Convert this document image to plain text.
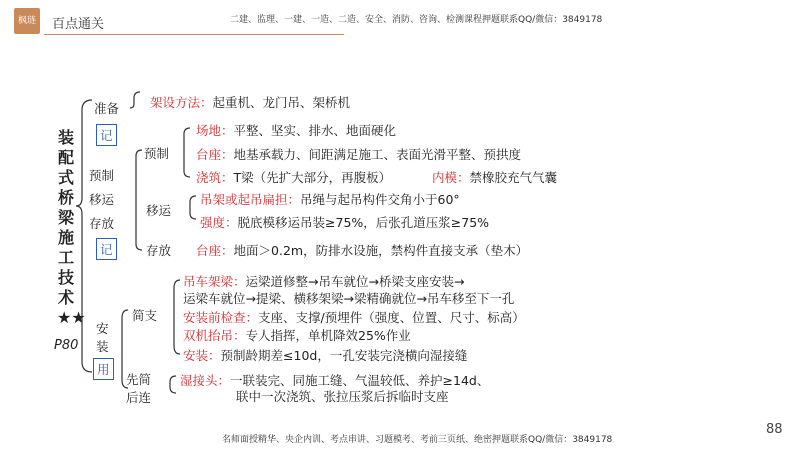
枫琏	百点通关	二建、监理、一建、一造、二造、安全、消防、咨询、检测课程押题联系QQ/微信：3849178
装配式桥梁施工技术★★
P80
准备
记
架设方法：起重机、龙门吊、架桥机
预制
移运
存放
记
预制
场地：平整、坚实、排水、地面硬化
台座：地基承载力、间距满足施工、表面光滑平整、预拱度
浇筑：T梁（先扩大部分，再腹板）	内模：禁橡胶充气气囊
移运
吊架或起吊扁担：吊绳与起吊构件交角小于60°
强度：脱底模移运吊装≥75%，后张孔道压浆≥75%
存放 台座：地面＞0.2m，防排水设施，禁构件直接支承（垫木）
安装
用
简支
吊车架梁：运梁道修整→吊车就位→桥梁支座安装→
运梁车就位→提梁、横移架梁→梁精确就位→吊车移至下一孔
安装前检查：支座、支撑/预埋件（强度、位置、尺寸、标高）
双机抬吊：专人指挥，单机降效25%作业
安装：预制龄期差≤10d，一孔安装完浇横向湿接缝
先简
后连
湿接头：一联装完、同施工缝、气温较低、养护≥14d、
联中一次浇筑、张拉压浆后拆临时支座
名师面授精华、央企内训、考点串讲、习题模考、考前三页纸、绝密押题联系QQ/微信：3849178
88
